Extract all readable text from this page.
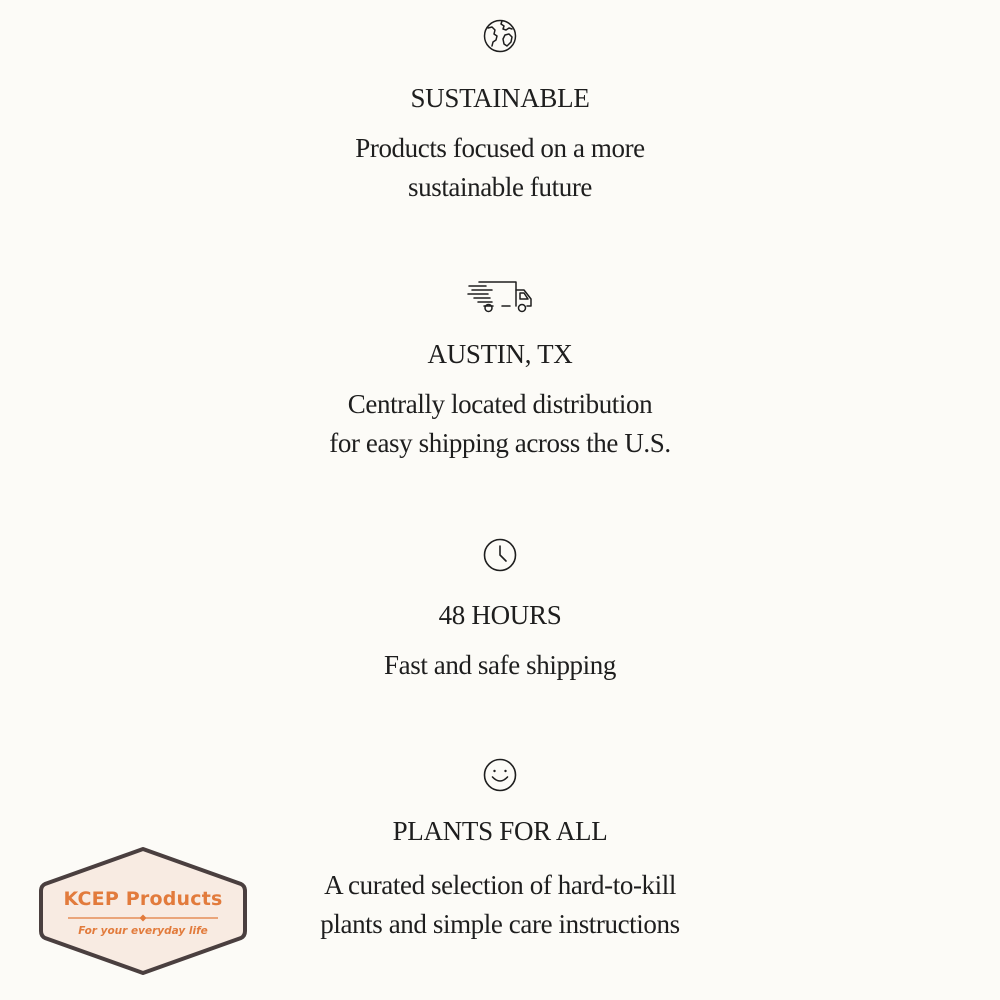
SUSTAINABLE

Products focused on a more
sustainable future

AUSTIN, TX

Centrally located distribution
for easy shipping across the U.S.

48 HOURS

Fast and safe shipping

PLANTS FOR ALL

A curated selection of hard-to-kill
plants and simple care instructions

KCEP Products
For your everyday life
